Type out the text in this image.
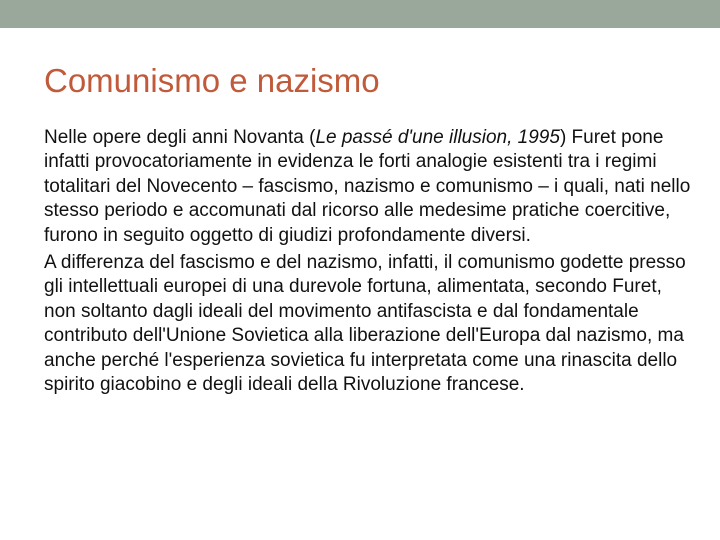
Comunismo e nazismo

Nelle opere degli anni Novanta (Le passé d'une illusion, 1995) Furet pone infatti provocatoriamente in evidenza le forti analogie esistenti tra i regimi totalitari del Novecento – fascismo, nazismo e comunismo – i quali, nati nello stesso periodo e accomunati dal ricorso alle medesime pratiche coercitive, furono in seguito oggetto di giudizi profondamente diversi.

A differenza del fascismo e del nazismo, infatti, il comunismo godette presso gli intellettuali europei di una durevole fortuna, alimentata, secondo Furet, non soltanto dagli ideali del movimento antifascista e dal fondamentale contributo dell'Unione Sovietica alla liberazione dell'Europa dal nazismo, ma anche perché l'esperienza sovietica fu interpretata come una rinascita dello spirito giacobino e degli ideali della Rivoluzione francese.
